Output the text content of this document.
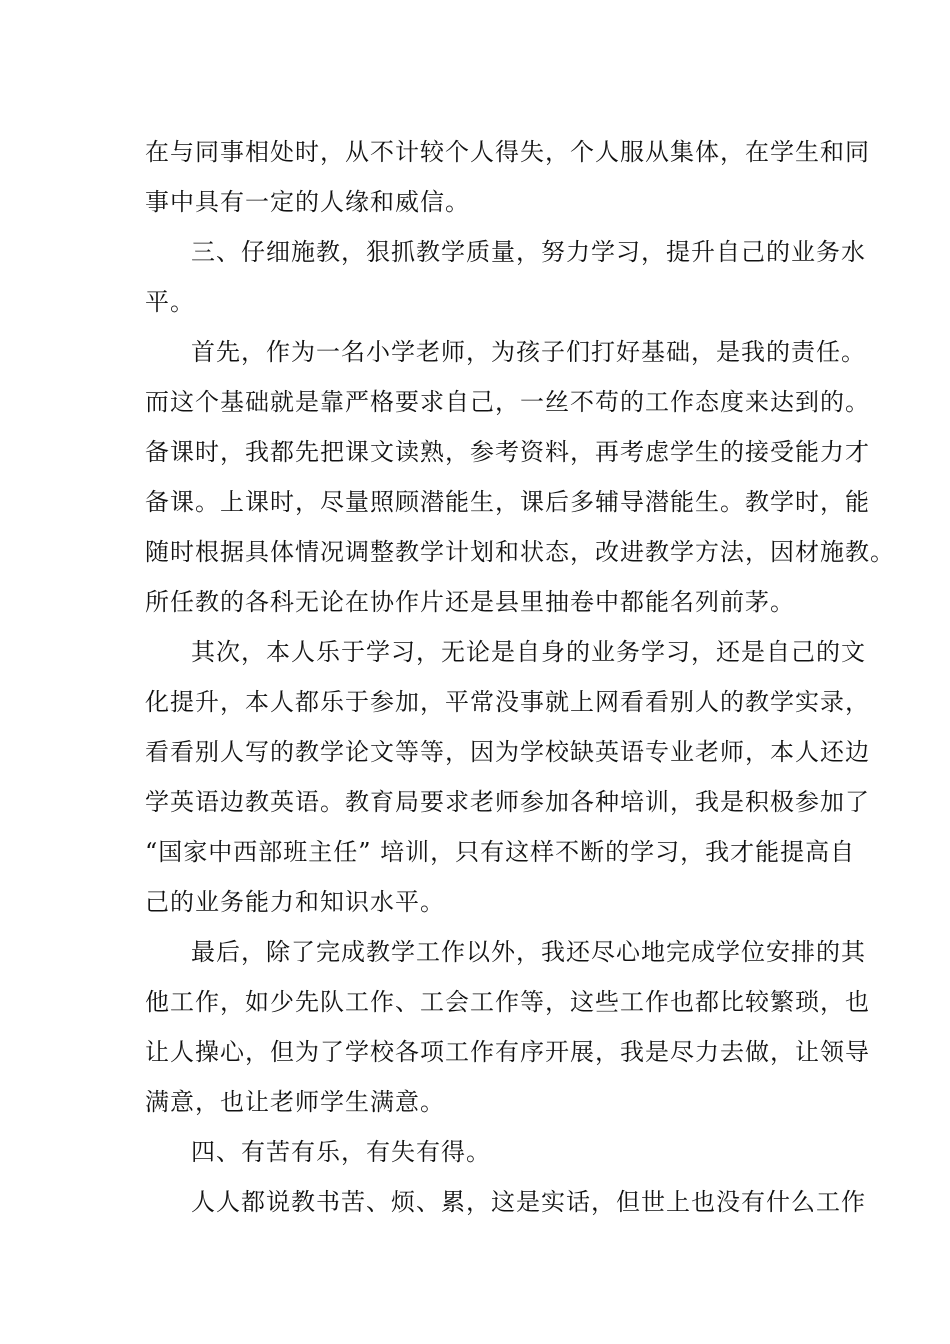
在与同事相处时，从不计较个人得失，个人服从集体，在学生和同
事中具有一定的人缘和威信。
三、仔细施教，狠抓教学质量，努力学习，提升自己的业务水
平。
首先，作为一名小学老师，为孩子们打好基础，是我的责任。
而这个基础就是靠严格要求自己，一丝不苟的工作态度来达到的。
备课时，我都先把课文读熟，参考资料，再考虑学生的接受能力才
备课。上课时，尽量照顾潜能生，课后多辅导潜能生。教学时，能
随时根据具体情况调整教学计划和状态，改进教学方法，因材施教。
所任教的各科无论在协作片还是县里抽卷中都能名列前茅。
其次，本人乐于学习，无论是自身的业务学习，还是自己的文
化提升，本人都乐于参加，平常没事就上网看看别人的教学实录，
看看别人写的教学论文等等，因为学校缺英语专业老师，本人还边
学英语边教英语。教育局要求老师参加各种培训，我是积极参加了
“国家中西部班主任” 培训，只有这样不断的学习，我才能提高自
己的业务能力和知识水平。
最后，除了完成教学工作以外，我还尽心地完成学位安排的其
他工作，如少先队工作、工会工作等，这些工作也都比较繁琐，也
让人操心，但为了学校各项工作有序开展，我是尽力去做，让领导
满意，也让老师学生满意。
四、有苦有乐，有失有得。
人人都说教书苦、烦、累，这是实话，但世上也没有什么工作
